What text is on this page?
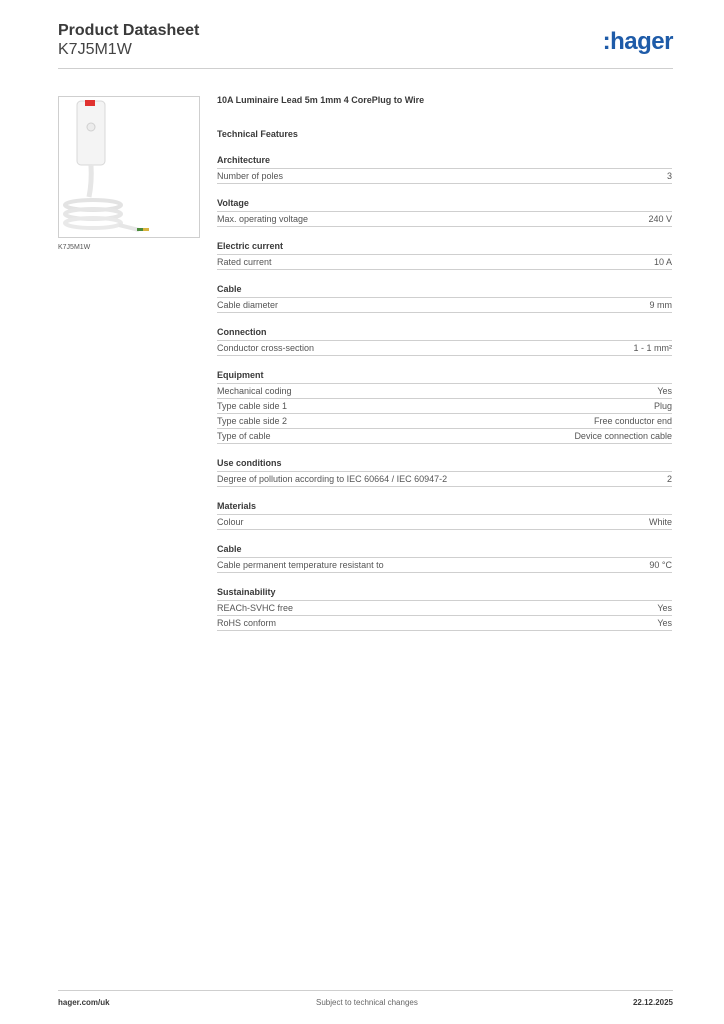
Product Datasheet
K7J5M1W	:hager
K7J5M1W
10A Luminaire Lead 5m 1mm 4 CorePlug to Wire
Technical Features
Architecture
Number of poles	3
Voltage
Max. operating voltage	240 V
Electric current
Rated current	10 A
Cable
Cable diameter	9 mm
Connection
Conductor cross-section	1 - 1 mm²
Equipment
Mechanical coding	Yes
Type cable side 1	Plug
Type cable side 2	Free conductor end
Type of cable	Device connection cable
Use conditions
Degree of pollution according to IEC 60664 / IEC 60947-2	2
Materials
Colour	White
Cable
Cable permanent temperature resistant to	90 °C
Sustainability
REACh-SVHC free	Yes
RoHS conform	Yes
hager.com/uk	Subject to technical changes	22.12.2025
